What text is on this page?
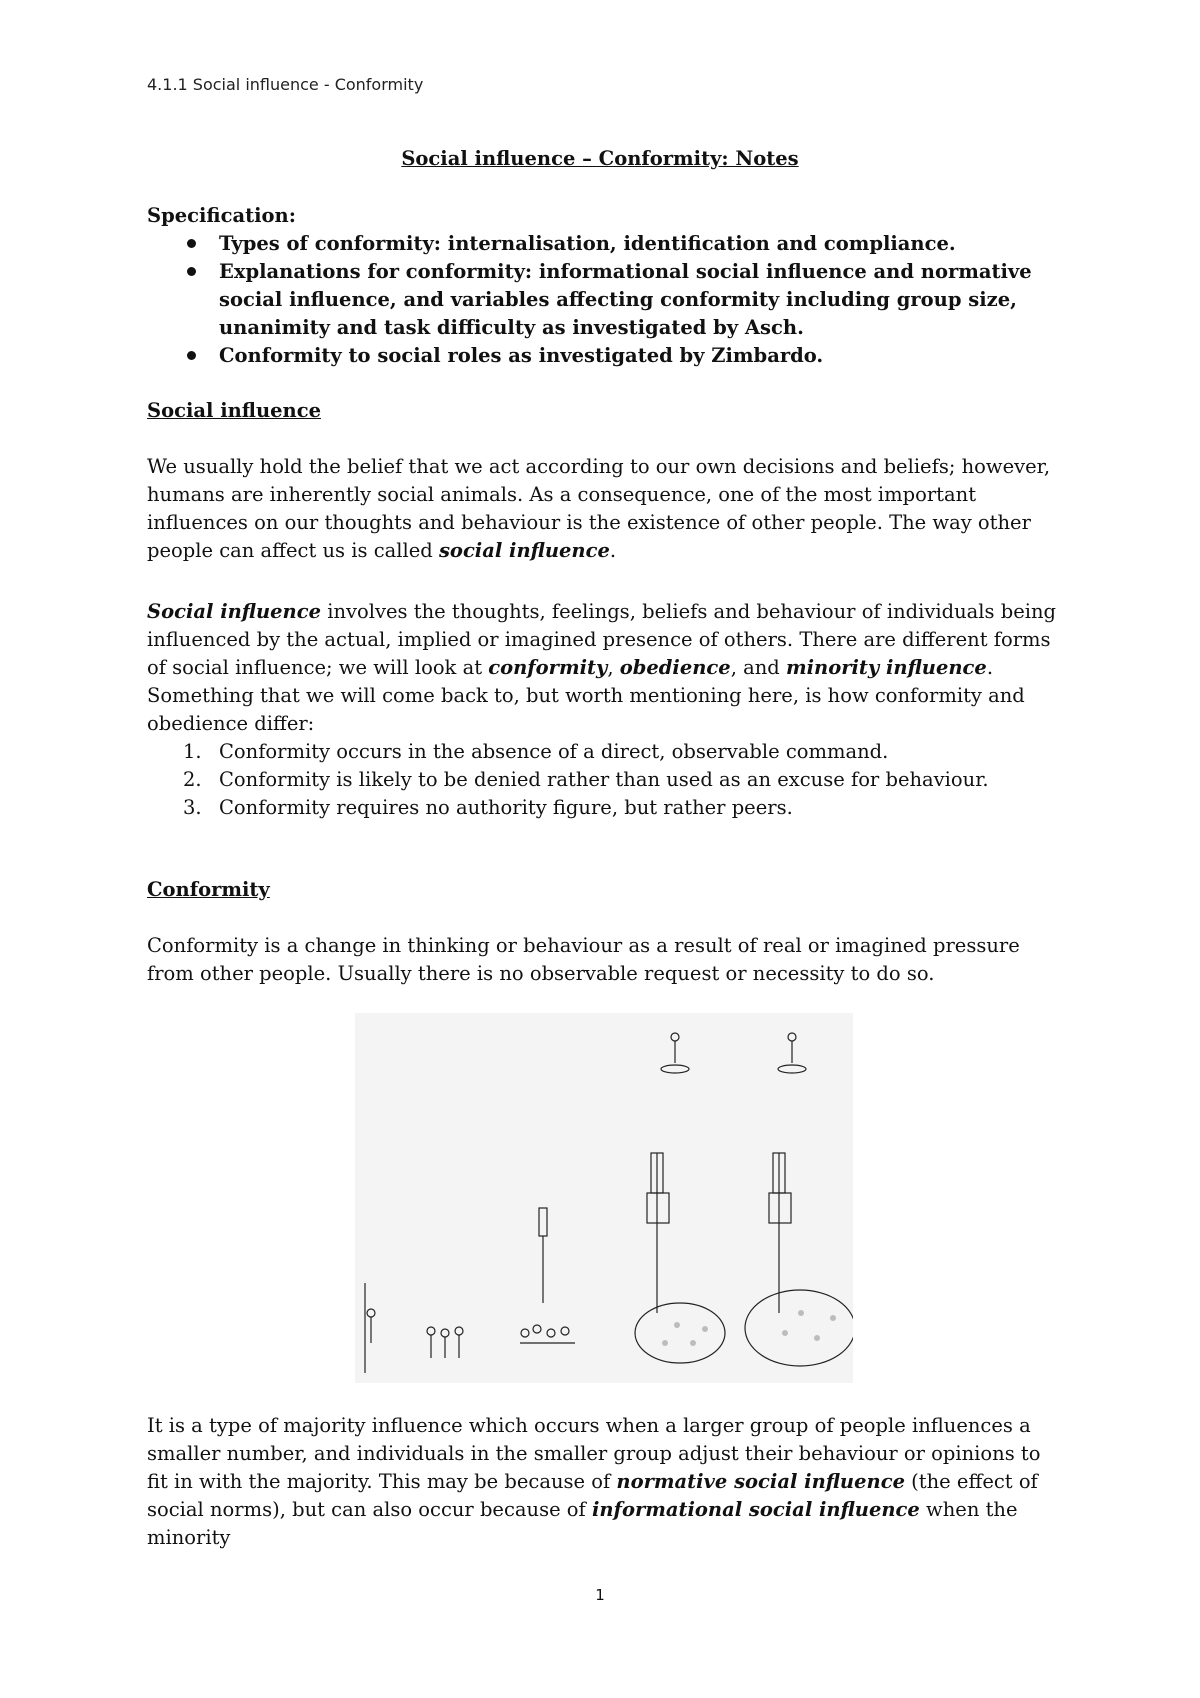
4.1.1 Social influence - Conformity
Social influence – Conformity: Notes
Specification:
Types of conformity: internalisation, identification and compliance.
Explanations for conformity: informational social influence and normative social influence, and variables affecting conformity including group size, unanimity and task difficulty as investigated by Asch.
Conformity to social roles as investigated by Zimbardo.
Social influence

We usually hold the belief that we act according to our own decisions and beliefs; however, humans are inherently social animals. As a consequence, one of the most important influences on our thoughts and behaviour is the existence of other people. The way other people can affect us is called social influence.

Social influence involves the thoughts, feelings, beliefs and behaviour of individuals being influenced by the actual, implied or imagined presence of others. There are different forms of social influence; we will look at conformity, obedience, and minority influence. Something that we will come back to, but worth mentioning here, is how conformity and obedience differ:

1. Conformity occurs in the absence of a direct, observable command.
2. Conformity is likely to be denied rather than used as an excuse for behaviour.
3. Conformity requires no authority figure, but rather peers.
Conformity

Conformity is a change in thinking or behaviour as a result of real or imagined pressure from other people. Usually there is no observable request or necessity to do so.

It is a type of majority influence which occurs when a larger group of people influences a smaller number, and individuals in the smaller group adjust their behaviour or opinions to fit in with the majority. This may be because of normative social influence (the effect of social norms), but can also occur because of informational social influence when the minority

1
